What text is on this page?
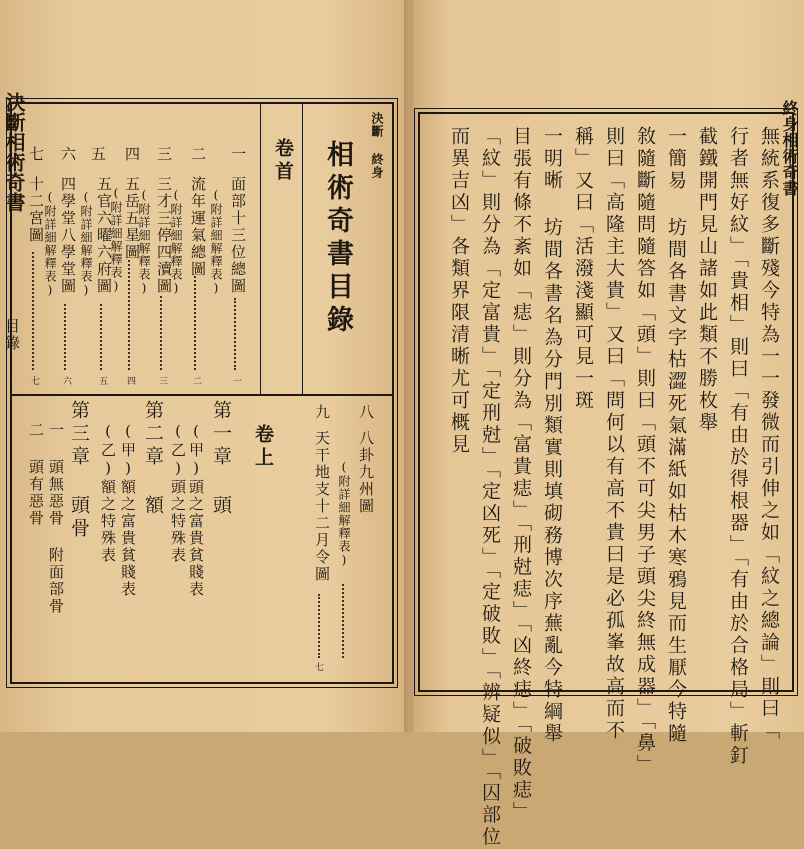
決斷相術奇書
目錄
決斷 終身
相術奇書目錄
卷首
一
面部十三位總圖
(附詳細解釋表)
一
二
流年運氣總圖
(附詳細解釋表)
二
三
三才三停四瀆圖
(附詳細解釋表)
三
四
五岳五星圖
四
五
五官六曜六府圖
(附詳細解釋表)
(附詳細解釋表)
五
六
四學堂八學堂圖
(附詳細解釋表)
六
七
十二宮圖
七
八
八卦九州圖
(附詳細解釋表)
九
天干地支十二月令圖
七
卷上
第一章 頭
(甲)頭之富貴貧賤表
(乙)頭之特殊表
第二章 額
(甲)額之富貴貧賤表
(乙)額之特殊表
第三章 頭骨
一 頭無惡骨 附面部骨
二 頭有惡骨
終身相術奇書
無統系復多斷殘今特為一一發微而引伸之如「紋之總論」則曰「
行者無好紋」「貴相」則曰「有由於得根器」「有由於合格局」斬釘
截鐵開門見山諸如此類不勝枚舉
一簡易 坊間各書文字枯澀死氣滿紙如枯木寒鴉見而生厭今特隨
敘隨斷隨問隨答如「頭」則曰「頭不可尖男子頭尖終無成器」「鼻」
則曰「高隆主大貴」又曰「問何以有高不貴曰是必孤峯故高而不
稱」又曰「活潑淺顯可見一斑
一明晰 坊間各書名為分門別類實則填砌務博次序蕪亂今特綱舉
目張有條不紊如「痣」則分為「富貴痣」「刑尅痣」「凶終痣」「破敗痣」
「紋」則分為「定富貴」「定刑尅」「定凶死」「定破敗」「辨疑似」「囚部位
而異吉凶」各類界限清晰尤可概見
